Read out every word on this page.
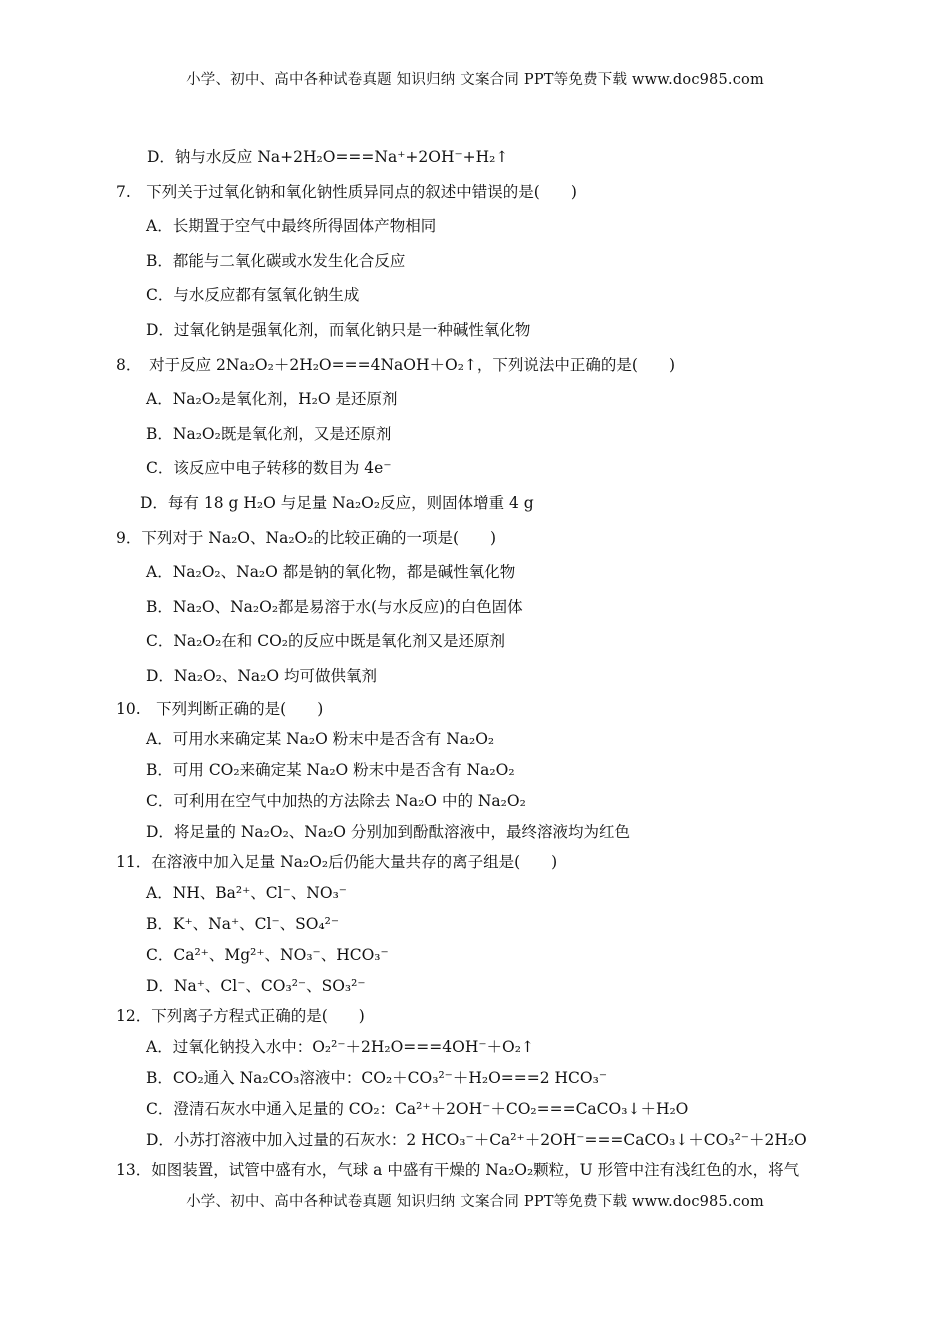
小学、初中、高中各种试卷真题 知识归纳 文案合同 PPT等免费下载 www.doc985.com
D．钠与水反应 Na+2H₂O===Na⁺+2OH⁻+H₂↑
7.　下列关于过氧化钠和氧化钠性质异同点的叙述中错误的是(　　)
A．长期置于空气中最终所得固体产物相同
B．都能与二氧化碳或水发生化合反应
C．与水反应都有氢氧化钠生成
D．过氧化钠是强氧化剂，而氧化钠只是一种碱性氧化物
8．　对于反应 2Na₂O₂＋2H₂O===4NaOH＋O₂↑，下列说法中正确的是(　　)
A．Na₂O₂是氧化剂，H₂O 是还原剂
B．Na₂O₂既是氧化剂，又是还原剂
C．该反应中电子转移的数目为 4e⁻
D．每有 18 g H₂O 与足量 Na₂O₂反应，则固体增重 4 g
9．下列对于 Na₂O、Na₂O₂的比较正确的一项是(　　)
A．Na₂O₂、Na₂O 都是钠的氧化物，都是碱性氧化物
B．Na₂O、Na₂O₂都是易溶于水(与水反应)的白色固体
C．Na₂O₂在和 CO₂的反应中既是氧化剂又是还原剂
D．Na₂O₂、Na₂O 均可做供氧剂
10.　下列判断正确的是(　　)
A．可用水来确定某 Na₂O 粉末中是否含有 Na₂O₂
B．可用 CO₂来确定某 Na₂O 粉末中是否含有 Na₂O₂
C．可利用在空气中加热的方法除去 Na₂O 中的 Na₂O₂
D．将足量的 Na₂O₂、Na₂O 分别加到酚酞溶液中，最终溶液均为红色
11．在溶液中加入足量 Na₂O₂后仍能大量共存的离子组是(　　)
A．NH、Ba²⁺、Cl⁻、NO₃⁻
B．K⁺、Na⁺、Cl⁻、SO₄²⁻
C．Ca²⁺、Mg²⁺、NO₃⁻、HCO₃⁻
D．Na⁺、Cl⁻、CO₃²⁻、SO₃²⁻
12．下列离子方程式正确的是(　　)
A．过氧化钠投入水中：O₂²⁻＋2H₂O===4OH⁻＋O₂↑
B．CO₂通入 Na₂CO₃溶液中：CO₂＋CO₃²⁻＋H₂O===2 HCO₃⁻
C．澄清石灰水中通入足量的 CO₂：Ca²⁺＋2OH⁻＋CO₂===CaCO₃↓＋H₂O
D．小苏打溶液中加入过量的石灰水：2 HCO₃⁻＋Ca²⁺＋2OH⁻===CaCO₃↓＋CO₃²⁻＋2H₂O
13．如图装置，试管中盛有水，气球 a 中盛有干燥的 Na₂O₂颗粒，U 形管中注有浅红色的水，将气
小学、初中、高中各种试卷真题 知识归纳 文案合同 PPT等免费下载 www.doc985.com
